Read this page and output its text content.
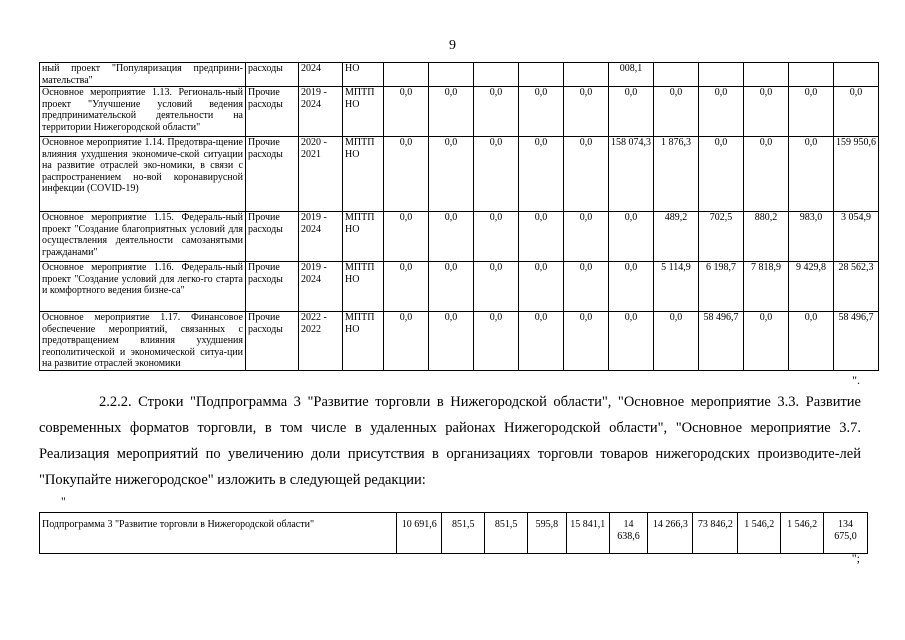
9
ный проект "Популяризация предприни-мательства"	расходы	2024	НО						008,1					
Основное мероприятие 1.13. Региональ-ный проект "Улучшение условий ведения предпринимательской деятельности на территории Нижегородской области"	Прочие расходы	2019 - 2024	МПТП НО	0,0	0,0	0,0	0,0	0,0	0,0	0,0	0,0	0,0	0,0	0,0
Основное мероприятие 1.14. Предотвра-щение влияния ухудшения экономиче-ской ситуации на развитие отраслей эко-номики, в связи с распространением но-вой коронавирусной инфекции (COVID-19)	Прочие расходы	2020 - 2021	МПТП НО	0,0	0,0	0,0	0,0	0,0	158 074,3	1 876,3	0,0	0,0	0,0	159 950,6
Основное мероприятие 1.15. Федераль-ный проект "Создание благоприятных условий для осуществления деятельности самозанятыми гражданами"	Прочие расходы	2019 - 2024	МПТП НО	0,0	0,0	0,0	0,0	0,0	0,0	489,2	702,5	880,2	983,0	3 054,9
Основное мероприятие 1.16. Федераль-ный проект "Создание условий для легко-го старта и комфортного ведения бизне-са"	Прочие расходы	2019 - 2024	МПТП НО	0,0	0,0	0,0	0,0	0,0	0,0	5 114,9	6 198,7	7 818,9	9 429,8	28 562,3
Основное мероприятие 1.17. Финансовое обеспечение мероприятий, связанных с предотвращением влияния ухудшения геополитической и экономической ситуа-ции на развитие отраслей экономики	Прочие расходы	2022 - 2022	МПТП НО	0,0	0,0	0,0	0,0	0,0	0,0	0,0	58 496,7	0,0	0,0	58 496,7
".
2.2.2. Строки "Подпрограмма 3 "Развитие торговли в Нижегородской области", "Основное мероприятие 3.3. Развитие современных форматов торговли, в том числе в удаленных районах Нижегородской области", "Основное мероприятие 3.7. Реализация мероприятий по увеличению доли присутствия в организациях торговли товаров нижегородских производите-лей "Покупайте нижегородское" изложить в следующей редакции:
"
Подпрограмма 3 "Развитие торговли в Нижегородской области"	10 691,6	851,5	851,5	595,8	15 841,1	14 638,6	14 266,3	73 846,2	1 546,2	1 546,2	134 675,0
";
